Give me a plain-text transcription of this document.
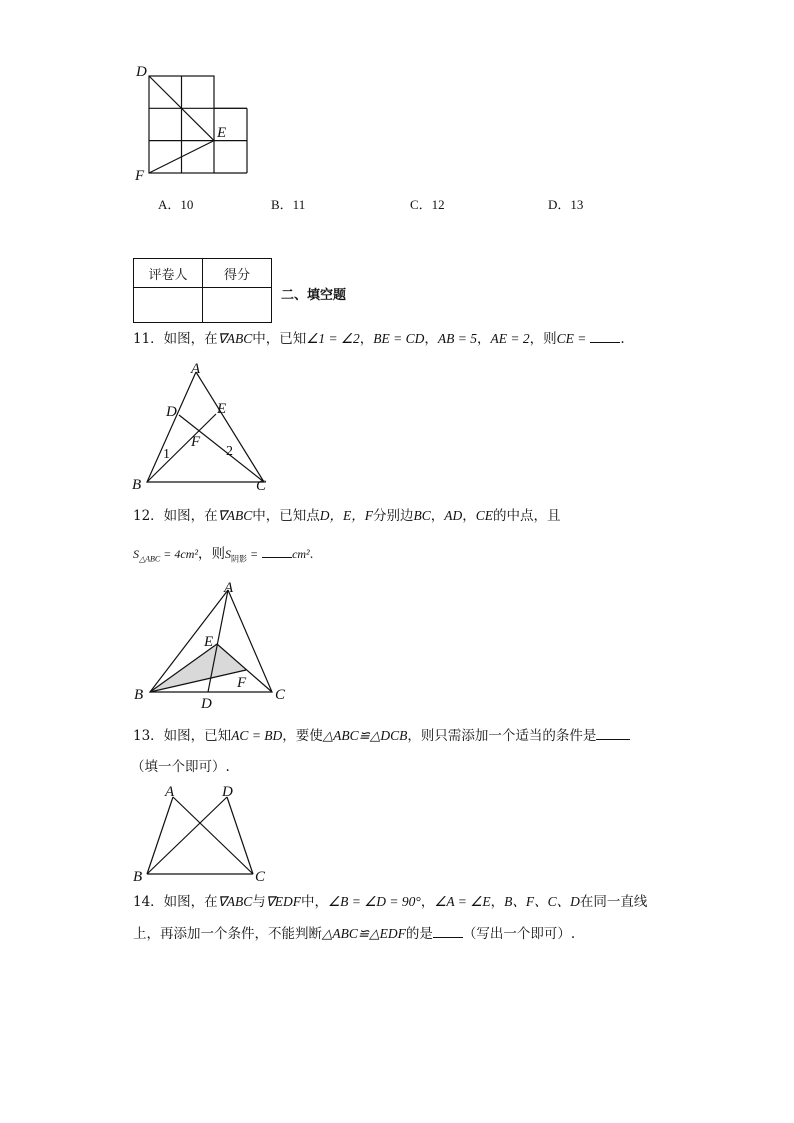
D
E
F
A．10	B．11	C．12	D．13
评卷人	得分

二、填空题
11．如图，在∇ABC中，已知∠1 = ∠2，BE = CD，AB = 5，AE = 2，则CE =	.
A
D	E
F
1	2
B	C
12．如图，在∇ABC中，已知点D，E，F分别边BC，AD，CE的中点，且
$S_{\triangle ABC} = 4cm^2$，则$S_{阴影}$ =	cm².
A
E
F
B
D
C
13．如图，已知AC = BD，要使△ABC≌△DCB，则只需添加一个适当的条件是
（填一个即可）.
A	D
B	C
14．如图，在∇ABC与∇EDF中，∠B = ∠D = 90°，∠A = ∠E，B、F、C、D在同一直线
上，再添加一个条件，不能判断△ABC≌△EDF的是 （写出一个即可）.
